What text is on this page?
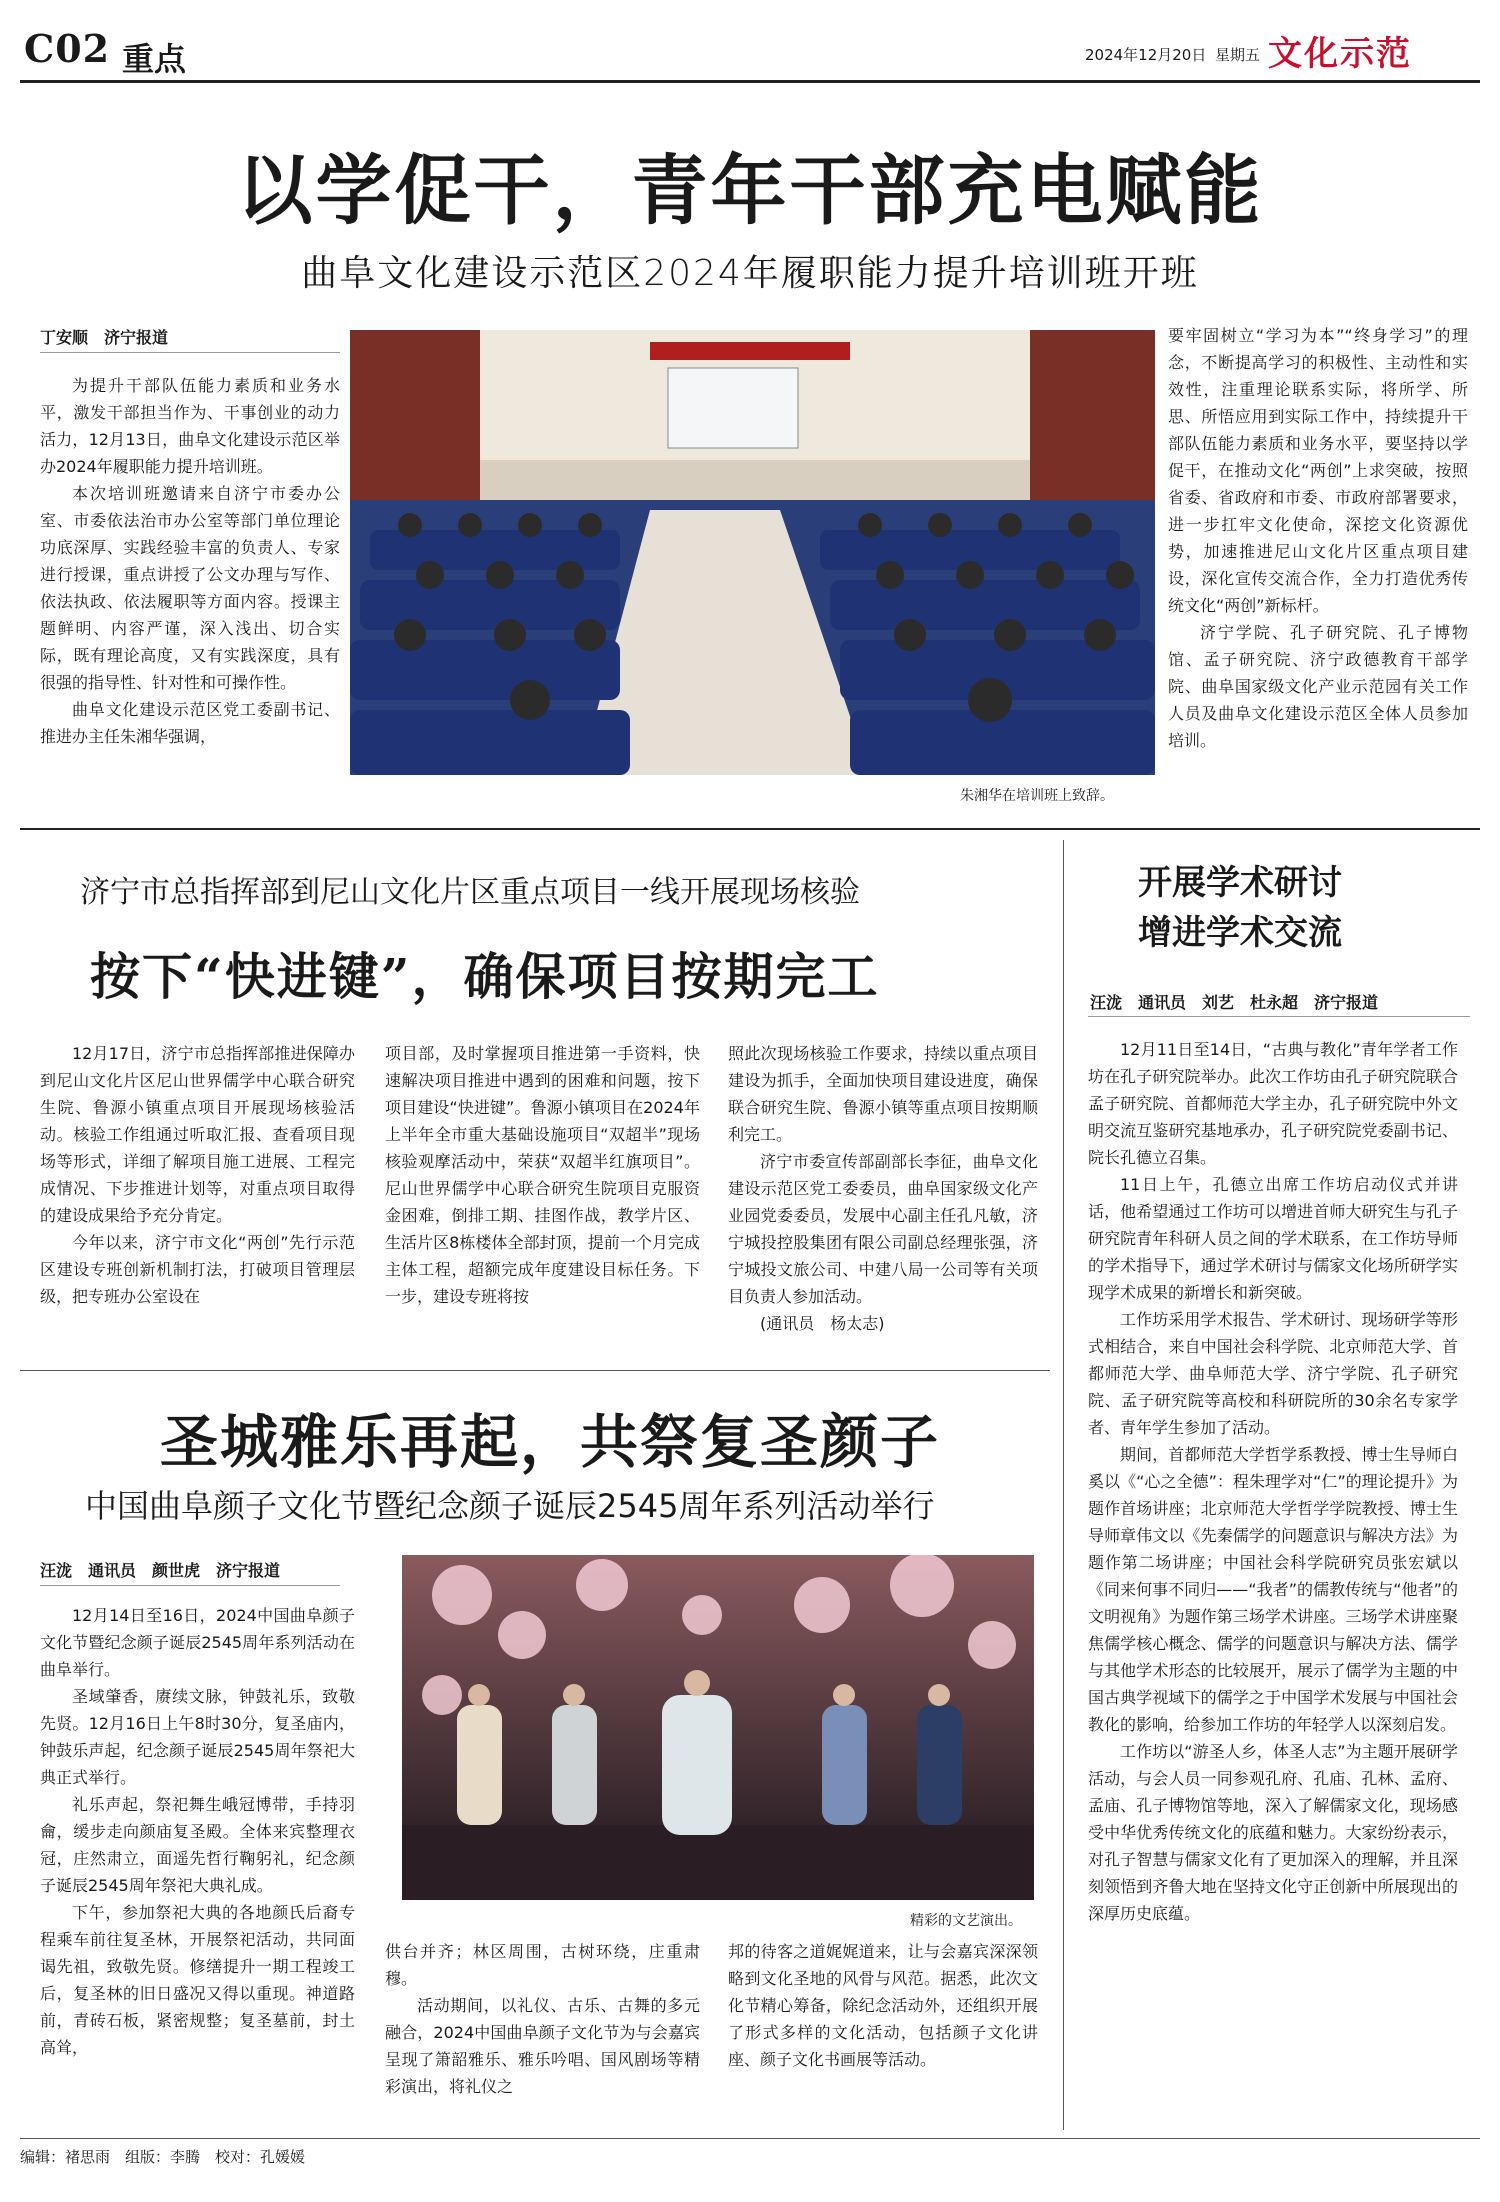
C02 重点	2024年12月20日 星期五 文化示范
以学促干，青年干部充电赋能
曲阜文化建设示范区2024年履职能力提升培训班开班
丁安顺　济宁报道

为提升干部队伍能力素质和业务水平，激发干部担当作为、干事创业的动力活力，12月13日，曲阜文化建设示范区举办2024年履职能力提升培训班。

本次培训班邀请来自济宁市委办公室、市委依法治市办公室等部门单位理论功底深厚、实践经验丰富的负责人、专家进行授课，重点讲授了公文办理与写作、依法执政、依法履职等方面内容。授课主题鲜明、内容严谨，深入浅出、切合实际，既有理论高度，又有实践深度，具有很强的指导性、针对性和可操作性。

曲阜文化建设示范区党工委副书记、推进办主任朱湘华强调，

朱湘华在培训班上致辞。

要牢固树立“学习为本”“终身学习”的理念，不断提高学习的积极性、主动性和实效性，注重理论联系实际，将所学、所思、所悟应用到实际工作中，持续提升干部队伍能力素质和业务水平，要坚持以学促干，在推动文化“两创”上求突破，按照省委、省政府和市委、市政府部署要求，进一步扛牢文化使命，深挖文化资源优势，加速推进尼山文化片区重点项目建设，深化宣传交流合作，全力打造优秀传统文化“两创”新标杆。

济宁学院、孔子研究院、孔子博物馆、孟子研究院、济宁政德教育干部学院、曲阜国家级文化产业示范园有关工作人员及曲阜文化建设示范区全体人员参加培训。

济宁市总指挥部到尼山文化片区重点项目一线开展现场核验
按下“快进键”，确保项目按期完工

12月17日，济宁市总指挥部推进保障办到尼山文化片区尼山世界儒学中心联合研究生院、鲁源小镇重点项目开展现场核验活动。核验工作组通过听取汇报、查看项目现场等形式，详细了解项目施工进展、工程完成情况、下步推进计划等，对重点项目取得的建设成果给予充分肯定。

今年以来，济宁市文化“两创”先行示范区建设专班创新机制打法，打破项目管理层级，把专班办公室设在

项目部，及时掌握项目推进第一手资料，快速解决项目推进中遇到的困难和问题，按下项目建设“快进键”。鲁源小镇项目在2024年上半年全市重大基础设施项目“双超半”现场核验观摩活动中，荣获“双超半红旗项目”。尼山世界儒学中心联合研究生院项目克服资金困难，倒排工期、挂图作战，教学片区、生活片区8栋楼体全部封顶，提前一个月完成主体工程，超额完成年度建设目标任务。下一步，建设专班将按

照此次现场核验工作要求，持续以重点项目建设为抓手，全面加快项目建设进度，确保联合研究生院、鲁源小镇等重点项目按期顺利完工。

济宁市委宣传部副部长李征，曲阜文化建设示范区党工委委员，曲阜国家级文化产业园党委委员，发展中心副主任孔凡敏，济宁城投控股集团有限公司副总经理张强，济宁城投文旅公司、中建八局一公司等有关项目负责人参加活动。

(通讯员　杨太志)

开展学术研讨
增进学术交流
汪泷　通讯员　刘艺　杜永超　济宁报道

12月11日至14日，“古典与教化”青年学者工作坊在孔子研究院举办。此次工作坊由孔子研究院联合孟子研究院、首都师范大学主办，孔子研究院中外文明交流互鉴研究基地承办，孔子研究院党委副书记、院长孔德立召集。

11日上午，孔德立出席工作坊启动仪式并讲话，他希望通过工作坊可以增进首师大研究生与孔子研究院青年科研人员之间的学术联系，在工作坊导师的学术指导下，通过学术研讨与儒家文化场所研学实现学术成果的新增长和新突破。

工作坊采用学术报告、学术研讨、现场研学等形式相结合，来自中国社会科学院、北京师范大学、首都师范大学、曲阜师范大学、济宁学院、孔子研究院、孟子研究院等高校和科研院所的30余名专家学者、青年学生参加了活动。

期间，首都师范大学哲学系教授、博士生导师白奚以《“心之全德”：程朱理学对“仁”的理论提升》为题作首场讲座；北京师范大学哲学学院教授、博士生导师章伟文以《先秦儒学的问题意识与解决方法》为题作第二场讲座；中国社会科学院研究员张宏斌以《同来何事不同归——“我者”的儒教传统与“他者”的文明视角》为题作第三场学术讲座。三场学术讲座聚焦儒学核心概念、儒学的问题意识与解决方法、儒学与其他学术形态的比较展开，展示了儒学为主题的中国古典学视域下的儒学之于中国学术发展与中国社会教化的影响，给参加工作坊的年轻学人以深刻启发。

工作坊以“游圣人乡，体圣人志”为主题开展研学活动，与会人员一同参观孔府、孔庙、孔林、孟府、孟庙、孔子博物馆等地，深入了解儒家文化，现场感受中华优秀传统文化的底蕴和魅力。大家纷纷表示，对孔子智慧与儒家文化有了更加深入的理解，并且深刻领悟到齐鲁大地在坚持文化守正创新中所展现出的深厚历史底蕴。

圣城雅乐再起，共祭复圣颜子
中国曲阜颜子文化节暨纪念颜子诞辰2545周年系列活动举行
汪泷　通讯员　颜世虎　济宁报道

12月14日至16日，2024中国曲阜颜子文化节暨纪念颜子诞辰2545周年系列活动在曲阜举行。

圣域肇香，赓续文脉，钟鼓礼乐，致敬先贤。12月16日上午8时30分，复圣庙内，钟鼓乐声起，纪念颜子诞辰2545周年祭祀大典正式举行。

礼乐声起，祭祀舞生峨冠博带，手持羽龠，缓步走向颜庙复圣殿。全体来宾整理衣冠，庄然肃立，面遥先哲行鞠躬礼，纪念颜子诞辰2545周年祭祀大典礼成。

下午，参加祭祀大典的各地颜氏后裔专程乘车前往复圣林，开展祭祀活动，共同面谒先祖，致敬先贤。修缮提升一期工程竣工后，复圣林的旧日盛况又得以重现。神道路前，青砖石板，紧密规整；复圣墓前，封土高耸，

精彩的文艺演出。

供台并齐；林区周围，古树环绕，庄重肃穆。

活动期间，以礼仪、古乐、古舞的多元融合，2024中国曲阜颜子文化节为与会嘉宾呈现了箫韶雅乐、雅乐吟唱、国风剧场等精彩演出，将礼仪之

邦的待客之道娓娓道来，让与会嘉宾深深领略到文化圣地的风骨与风范。据悉，此次文化节精心筹备，除纪念活动外，还组织开展了形式多样的文化活动，包括颜子文化讲座、颜子文化书画展等活动。

编辑：褚思雨　组版：李腾　校对：孔媛媛
